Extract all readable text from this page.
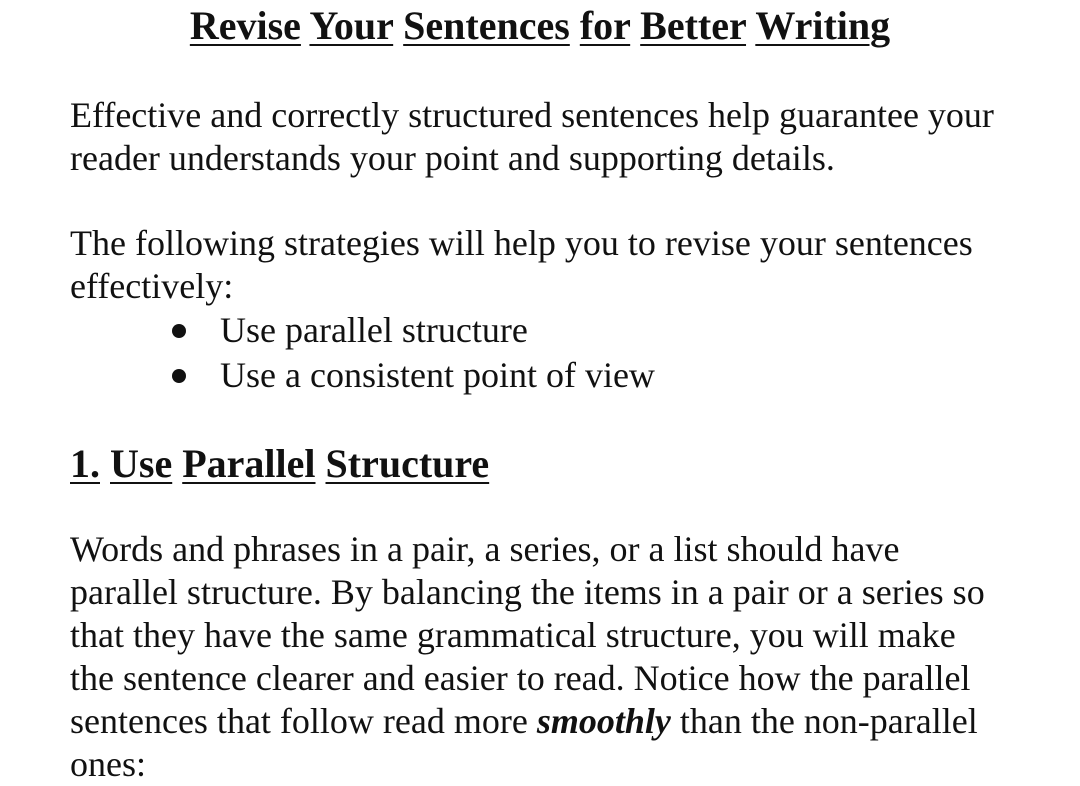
Revise Your Sentences for Better Writing

Effective and correctly structured sentences help guarantee your
reader understands your point and supporting details.

The following strategies will help you to revise your sentences
effectively:

Use parallel structure
Use a consistent point of view
1. Use Parallel Structure

Words and phrases in a pair, a series, or a list should have
parallel structure. By balancing the items in a pair or a series so
that they have the same grammatical structure, you will make
the sentence clearer and easier to read. Notice how the parallel
sentences that follow read more smoothly than the non-parallel
ones:
